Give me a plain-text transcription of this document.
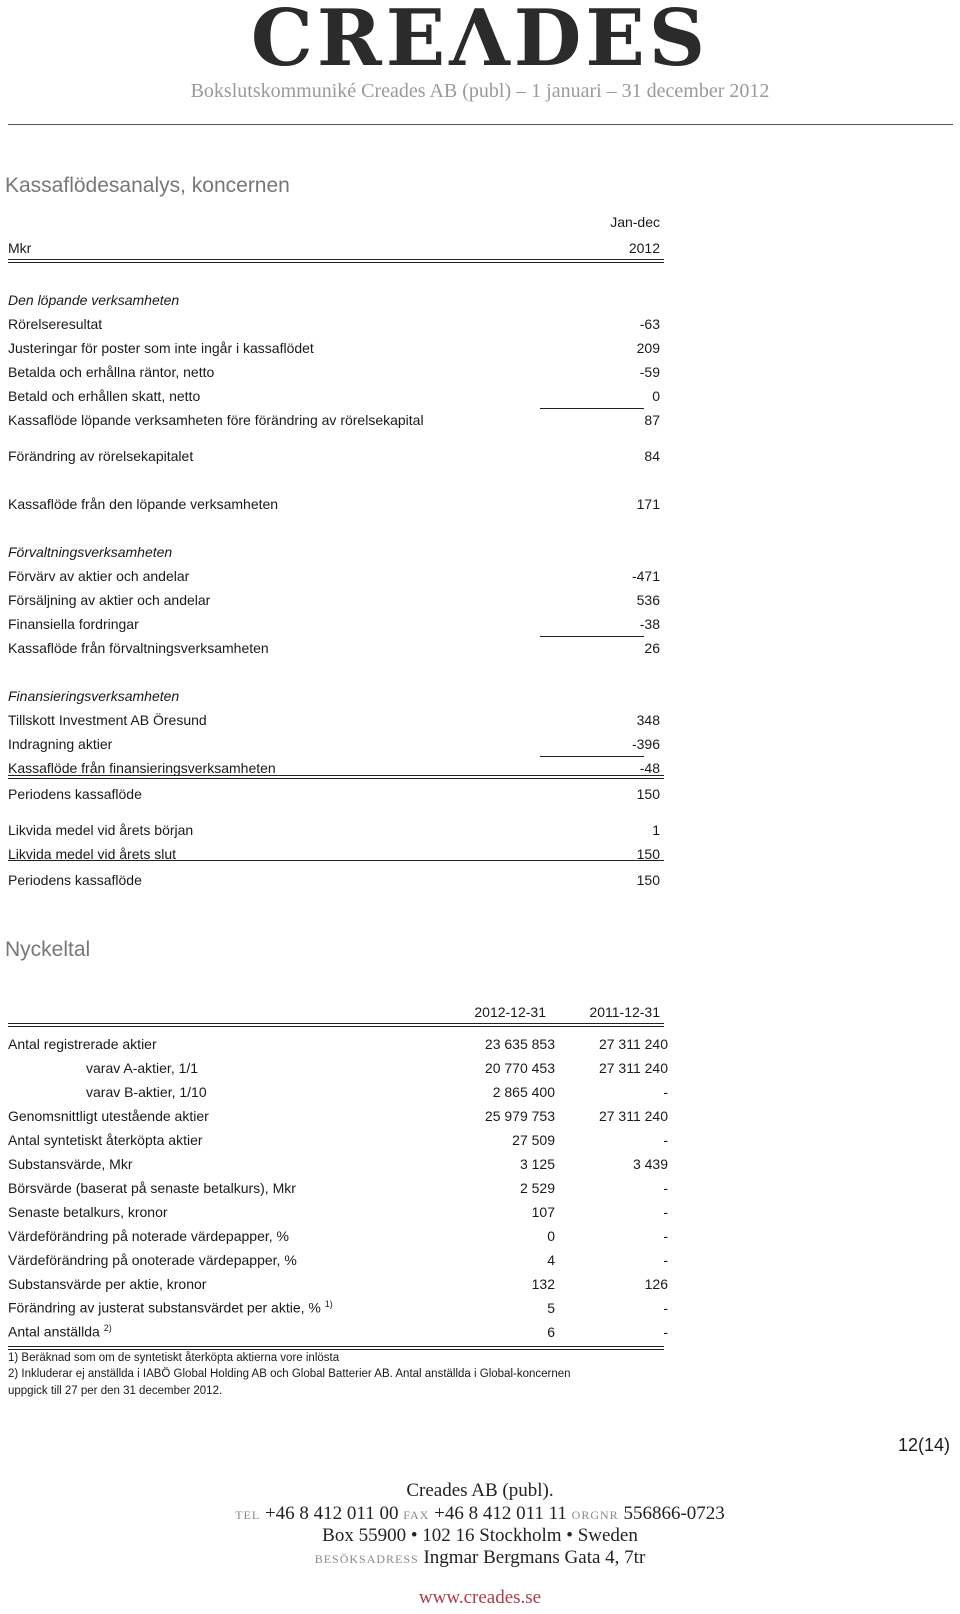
CREΛDES
Bokslutskommuniké Creades AB (publ) – 1 januari – 31 december 2012
Kassaflödesanalys, koncernen
Jan-dec
Mkr	2012
Den löpande verksamheten
Rörelseresultat	-63
Justeringar för poster som inte ingår i kassaflödet	209
Betalda och erhållna räntor, netto	-59
Betald och erhållen skatt, netto	0
Kassaflöde löpande verksamheten före förändring av rörelsekapital	87
Förändring av rörelsekapitalet	84
Kassaflöde från den löpande verksamheten	171
Förvaltningsverksamheten
Förvärv av aktier och andelar	-471
Försäljning av aktier och andelar	536
Finansiella fordringar	-38
Kassaflöde från förvaltningsverksamheten	26
Finansieringsverksamheten
Tillskott Investment AB Öresund	348
Indragning aktier	-396
Kassaflöde från finansieringsverksamheten	-48
Periodens kassaflöde	150
Likvida medel vid årets början	1
Likvida medel vid årets slut	150
Periodens kassaflöde	150
Nyckeltal
2012-12-31	2011-12-31
Antal registrerade aktier	23 635 853	27 311 240
varav A-aktier, 1/1	20 770 453	27 311 240
varav B-aktier, 1/10	2 865 400	-
Genomsnittligt utestående aktier	25 979 753	27 311 240
Antal syntetiskt återköpta aktier	27 509	-
Substansvärde, Mkr	3 125	3 439
Börsvärde (baserat på senaste betalkurs), Mkr	2 529	-
Senaste betalkurs, kronor	107	-
Värdeförändring på noterade värdepapper, %	0	-
Värdeförändring på onoterade värdepapper, %	4	-
Substansvärde per aktie, kronor	132	126
Förändring av justerat substansvärdet per aktie, % $^{1)}$	5	-
Antal anställda $^{2)}$	6	-
1) Beräknad som om de syntetiskt återköpta aktierna vore inlösta
2) Inkluderar ej anställda i IABÖ Global Holding AB och Global Batterier AB. Antal anställda i Global-koncernen
uppgick till 27 per den 31 december 2012.
12(14)
Creades AB (publ).
TEL +46 8 412 011 00 FAX +46 8 412 011 11 ORGNR 556866-0723
Box 55900 • 102 16 Stockholm • Sweden
BESÖKSADRESS Ingmar Bergmans Gata 4, 7tr
www.creades.se
